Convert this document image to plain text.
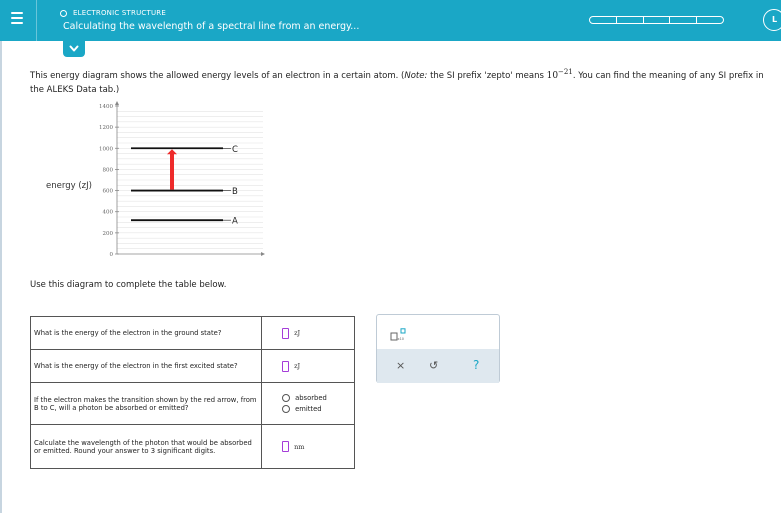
ELECTRONIC STRUCTURE
Calculating the wavelength of a spectral line from an energy...
L
This energy diagram shows the allowed energy levels of an electron in a certain atom. (Note: the SI prefix 'zepto' means $10^{-21}$. You can find the meaning of any SI prefix in the ALEKS Data tab.)
energy (zJ)
0
200
400
600
800
1000
1200
1400
A
B
C
Use this diagram to complete the table below.
What is the energy of the electron in the ground state?	zJ

What is the energy of the electron in the first excited state?	zJ

If the electron makes the transition shown by the red arrow, from B to C, will a photon be absorbed or emitted?	absorbed
emitted

Calculate the wavelength of the photon that would be absorbed or emitted. Round your answer to 3 significant digits.	nm
x10
× ↺	?
